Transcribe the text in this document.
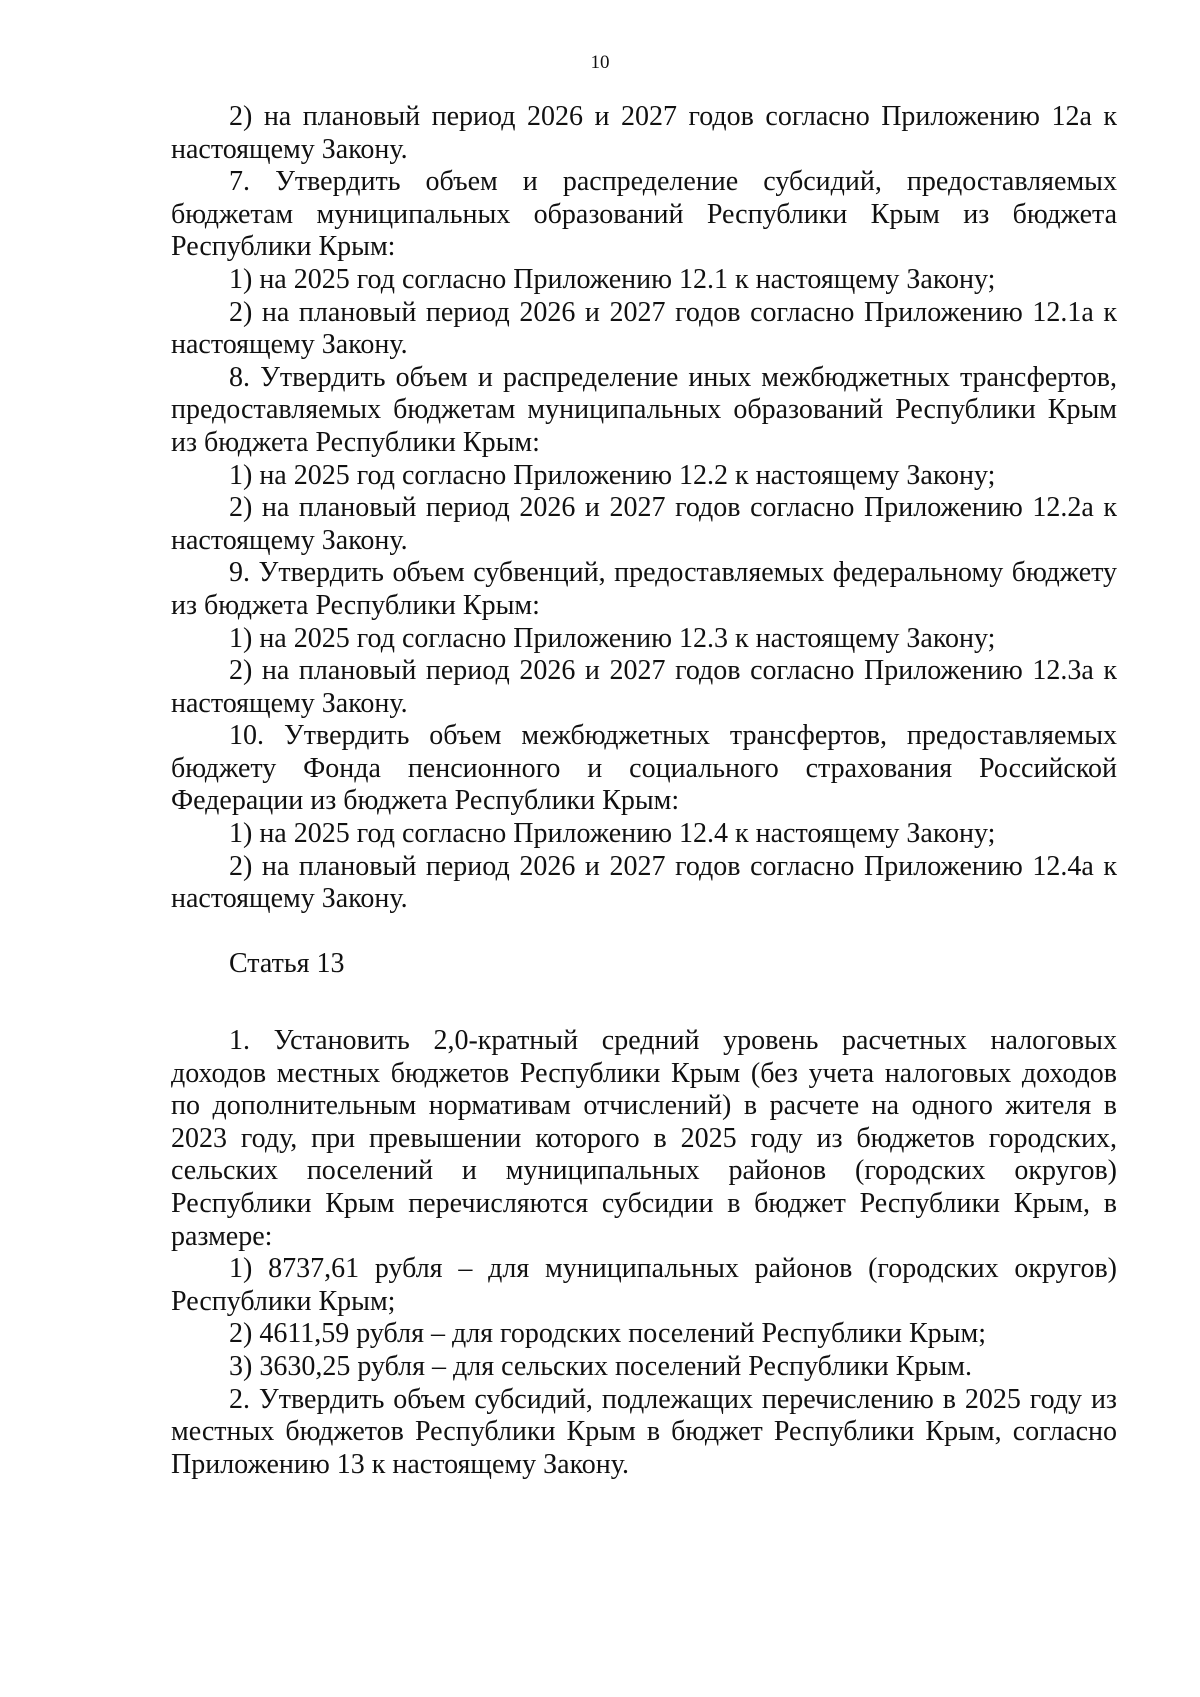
10

2) на плановый период 2026 и 2027 годов согласно Приложению 12а к настоящему Закону.

7. Утвердить объем и распределение субсидий, предоставляемых бюджетам муниципальных образований Республики Крым из бюджета Республики Крым:

1) на 2025 год согласно Приложению 12.1 к настоящему Закону;

2) на плановый период 2026 и 2027 годов согласно Приложению 12.1а к настоящему Закону.

8. Утвердить объем и распределение иных межбюджетных трансфертов, предоставляемых бюджетам муниципальных образований Республики Крым из бюджета Республики Крым:

1) на 2025 год согласно Приложению 12.2 к настоящему Закону;

2) на плановый период 2026 и 2027 годов согласно Приложению 12.2а к настоящему Закону.

9. Утвердить объем субвенций, предоставляемых федеральному бюджету из бюджета Республики Крым:

1) на 2025 год согласно Приложению 12.3 к настоящему Закону;

2) на плановый период 2026 и 2027 годов согласно Приложению 12.3а к настоящему Закону.

10. Утвердить объем межбюджетных трансфертов, предоставляемых бюджету Фонда пенсионного и социального страхования Российской Федерации из бюджета Республики Крым:

1) на 2025 год согласно Приложению 12.4 к настоящему Закону;

2) на плановый период 2026 и 2027 годов согласно Приложению 12.4а к настоящему Закону.

Статья 13

1. Установить 2,0-кратный средний уровень расчетных налоговых доходов местных бюджетов Республики Крым (без учета налоговых доходов по дополнительным нормативам отчислений) в расчете на одного жителя в 2023 году, при превышении которого в 2025 году из бюджетов городских, сельских поселений и муниципальных районов (городских округов) Республики Крым перечисляются субсидии в бюджет Республики Крым, в размере:

1) 8737,61 рубля – для муниципальных районов (городских округов) Республики Крым;

2) 4611,59 рубля – для городских поселений Республики Крым;

3) 3630,25 рубля – для сельских поселений Республики Крым.

2. Утвердить объем субсидий, подлежащих перечислению в 2025 году из местных бюджетов Республики Крым в бюджет Республики Крым, согласно Приложению 13 к настоящему Закону.
